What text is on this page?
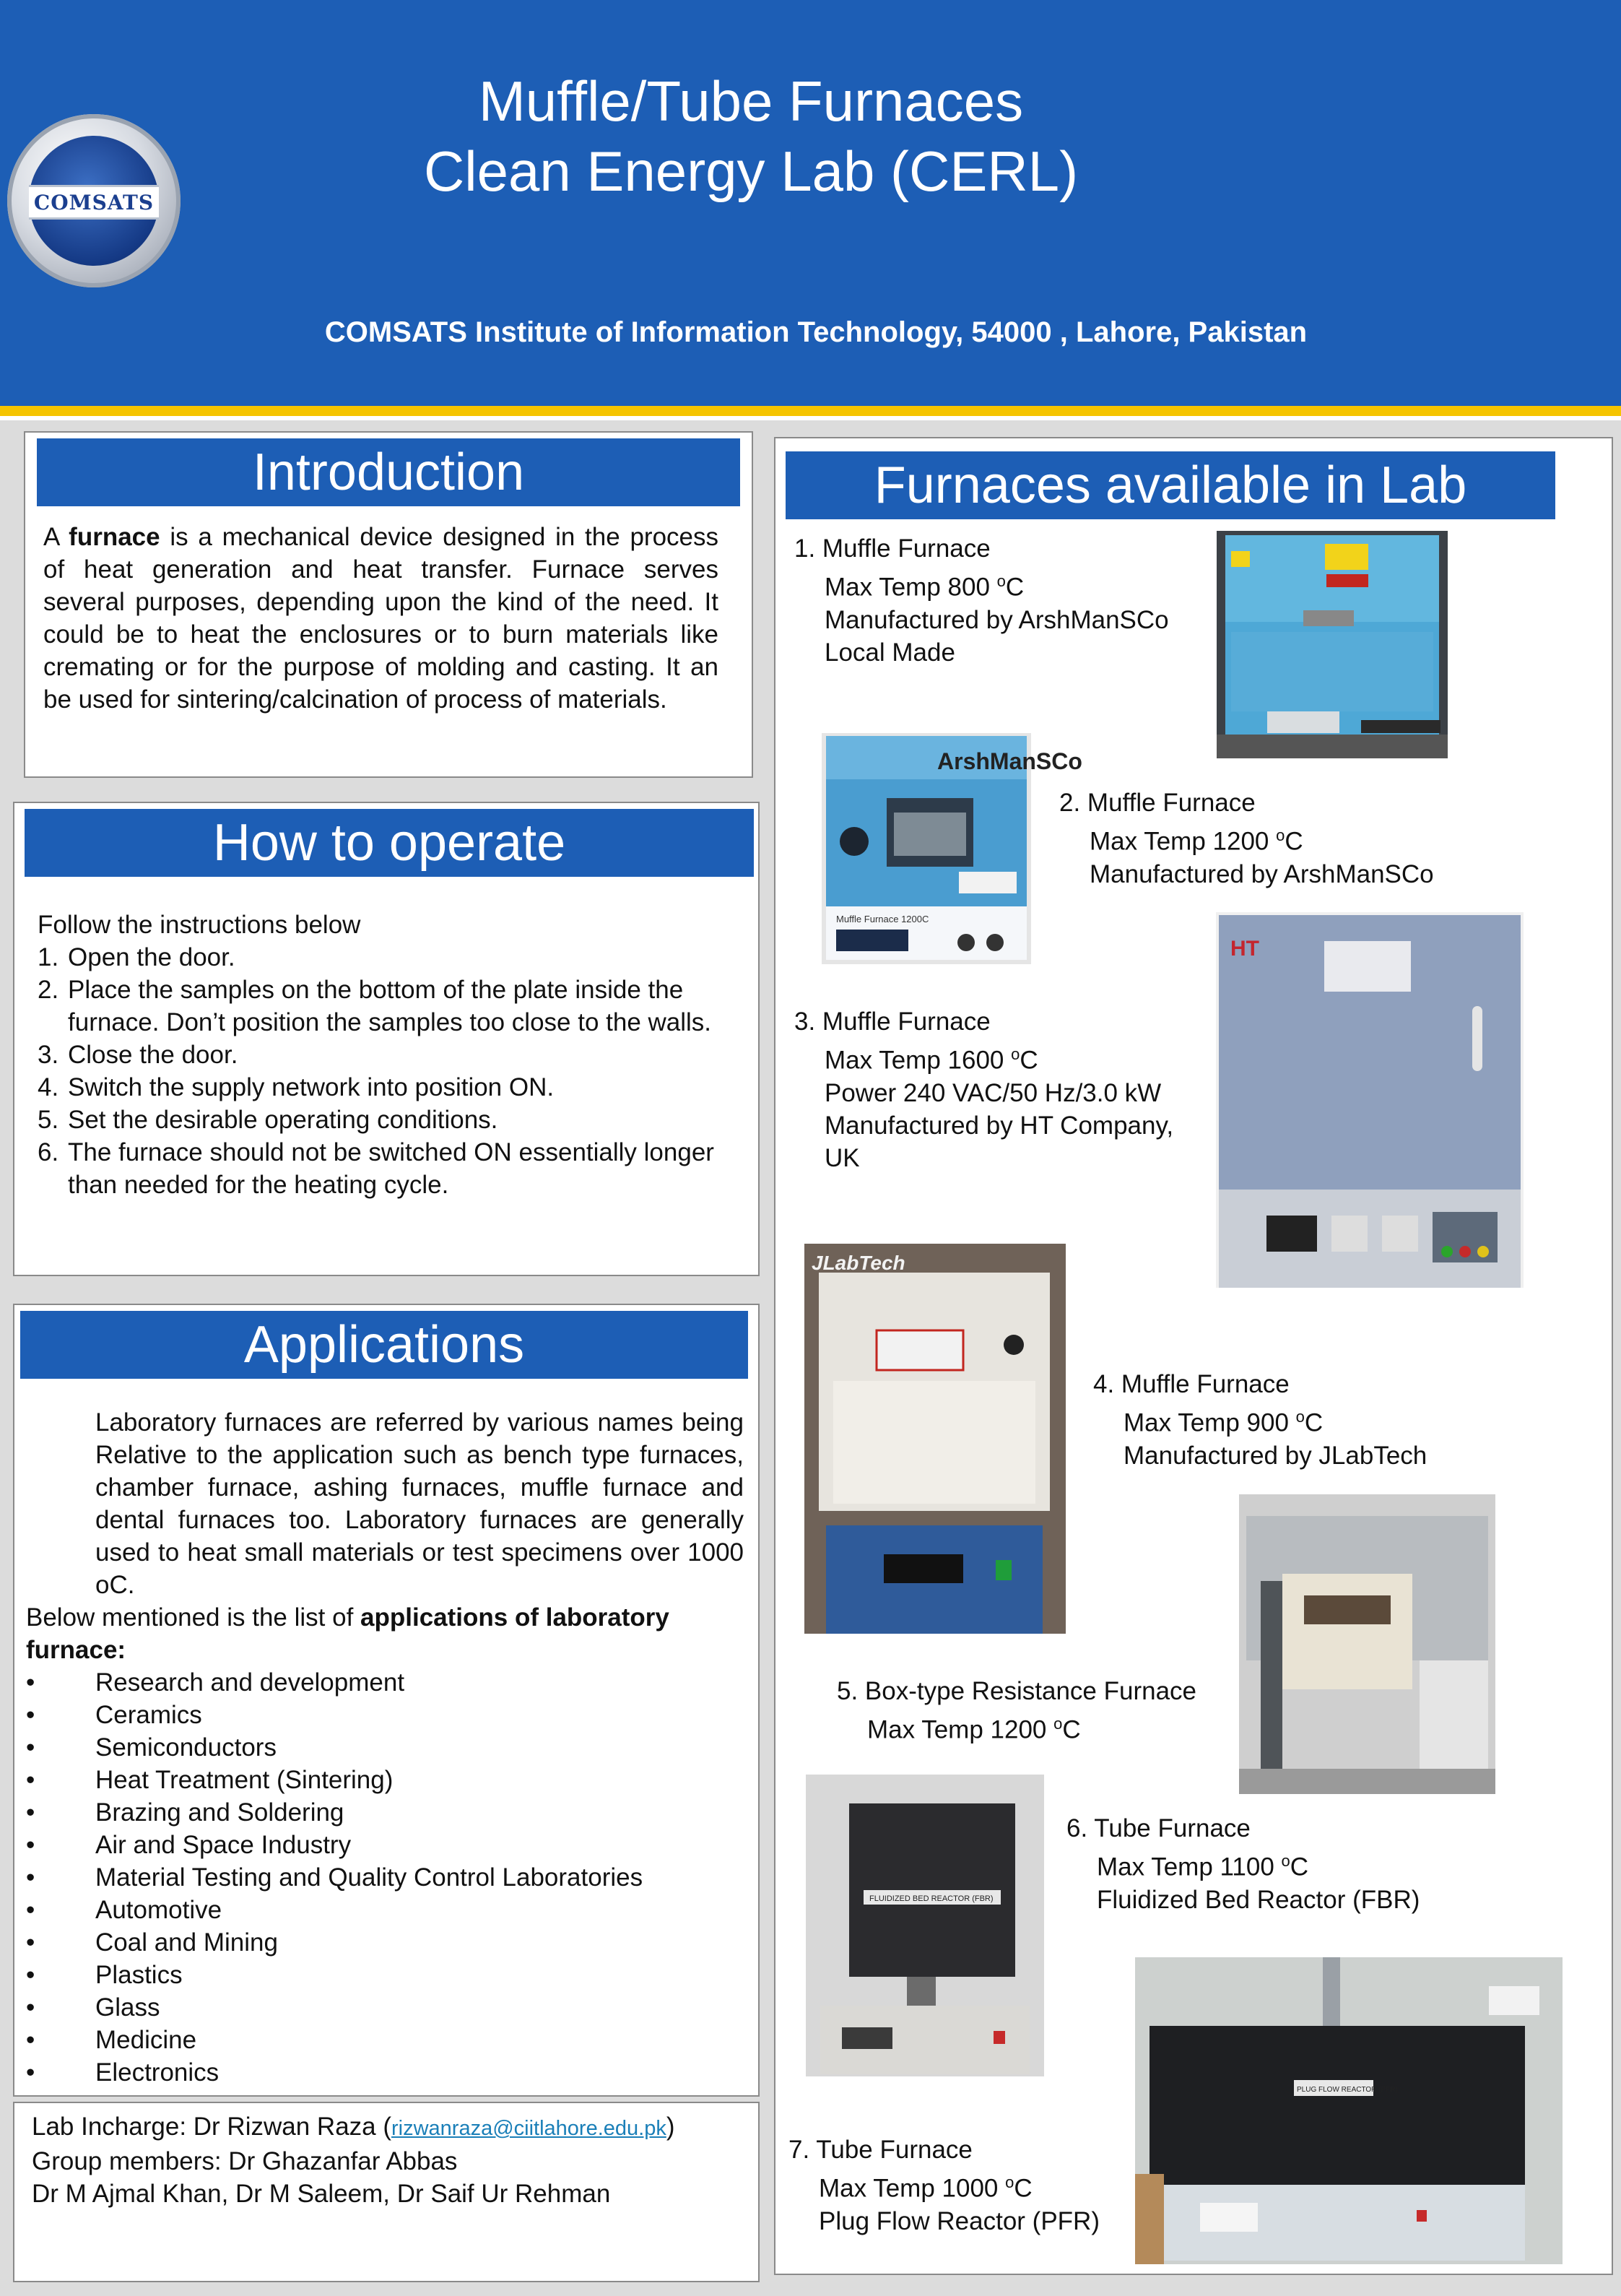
COMSATS
Muffle/Tube Furnaces
Clean Energy Lab (CERL)
COMSATS Institute of Information Technology, 54000 , Lahore, Pakistan
Introduction
A furnace is a mechanical device designed in the process of heat generation and heat transfer. Furnace serves several purposes, depending upon the kind of the need. It could be to heat the enclosures or to burn materials like cremating or for the purpose of molding and casting. It an be used for sintering/calcination of process of materials.
How to operate
Follow the instructions below
1. Open the door.
2. Place the samples on the bottom of the plate inside the furnace. Don’t position the samples too close to the walls.
3. Close the door.
4. Switch the supply network into position ON.
5. Set the desirable operating conditions.
6. The furnace should not be switched ON essentially longer than needed for the heating cycle.
Applications
Laboratory furnaces are referred by various names being Relative to the application such as bench type furnaces, chamber furnace, ashing furnaces, muffle furnace and dental furnaces too. Laboratory furnaces are generally used to heat small materials or test specimens over 1000 oC.
Below mentioned is the list of applications of laboratory furnace:
• Research and development
• Ceramics
• Semiconductors
• Heat Treatment (Sintering)
• Brazing and Soldering
• Air and Space Industry
• Material Testing and Quality Control Laboratories
• Automotive
• Coal and Mining
• Plastics
• Glass
• Medicine
• Electronics
Lab Incharge: Dr Rizwan Raza (rizwanraza@ciitlahore.edu.pk)
Group members: Dr Ghazanfar Abbas
Dr M Ajmal Khan, Dr M Saleem, Dr Saif Ur Rehman
Furnaces available in Lab
1. Muffle Furnace
Max Temp 800 $^o$C
Manufactured by ArshManSCo
Local Made
ArshManSCo
Muffle Furnace 1200C
2. Muffle Furnace
Max Temp 1200 $^o$C
Manufactured by ArshManSCo
3. Muffle Furnace
Max Temp 1600 $^o$C
Power 240 VAC/50 Hz/3.0 kW
Manufactured by HT Company,
UK
HT
JLabTech
4. Muffle Furnace
Max Temp 900 $^o$C
Manufactured by JLabTech
5. Box-type Resistance Furnace
Max Temp 1200 $^o$C
FLUIDIZED BED REACTOR (FBR)
6. Tube Furnace
Max Temp 1100 $^o$C
Fluidized Bed Reactor (FBR)
7. Tube Furnace
Max Temp 1000 $^o$C
Plug Flow Reactor (PFR)
PLUG FLOW REACTOR (PFR)
